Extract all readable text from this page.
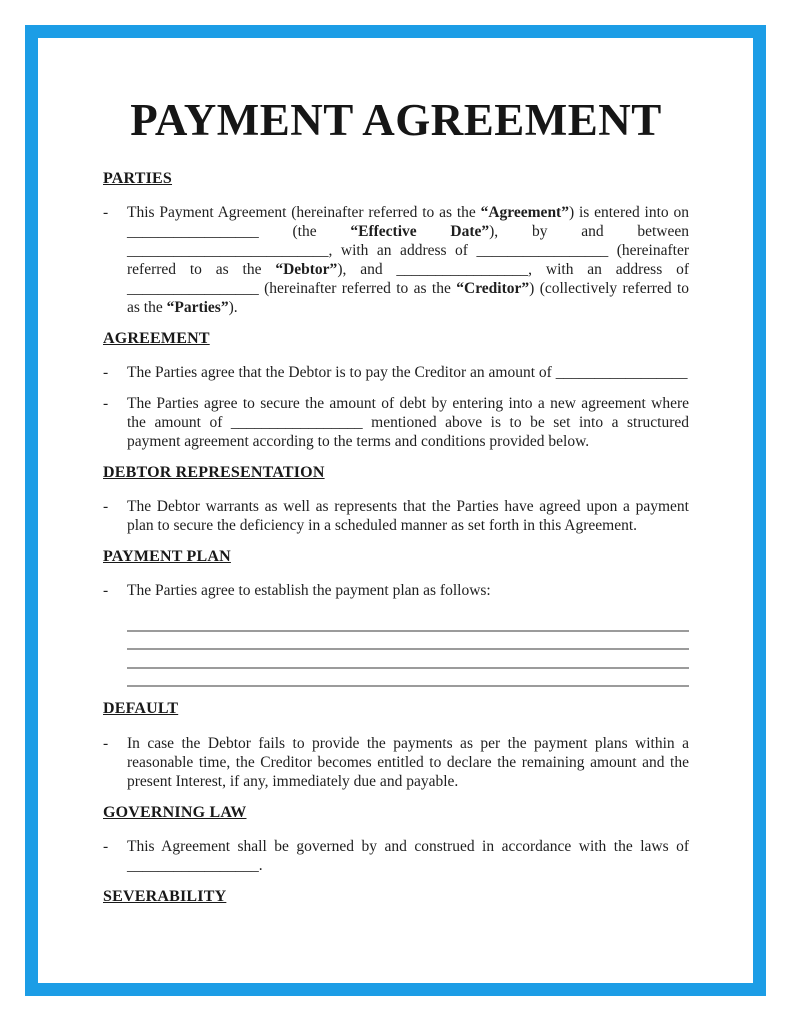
PAYMENT AGREEMENT
PARTIES
-	This Payment Agreement (hereinafter referred to as the “Agreement”) is entered into on _________________ (the “Effective Date”), by and between __________________________, with an address of _________________ (hereinafter referred to as the “Debtor”), and _________________, with an address of _________________ (hereinafter referred to as the “Creditor”) (collectively referred to as the “Parties”).

AGREEMENT
-	The Parties agree that the Debtor is to pay the Creditor an amount of _________________

-	The Parties agree to secure the amount of debt by entering into a new agreement where the amount of _________________ mentioned above is to be set into a structured payment agreement according to the terms and conditions provided below.

DEBTOR REPRESENTATION
-	The Debtor warrants as well as represents that the Parties have agreed upon a payment plan to secure the deficiency in a scheduled manner as set forth in this Agreement.

PAYMENT PLAN
-	The Parties agree to establish the payment plan as follows:

DEFAULT
-	In case the Debtor fails to provide the payments as per the payment plans within a reasonable time, the Creditor becomes entitled to declare the remaining amount and the present Interest, if any, immediately due and payable.

GOVERNING LAW
-	This Agreement shall be governed by and construed in accordance with the laws of _________________.

SEVERABILITY
